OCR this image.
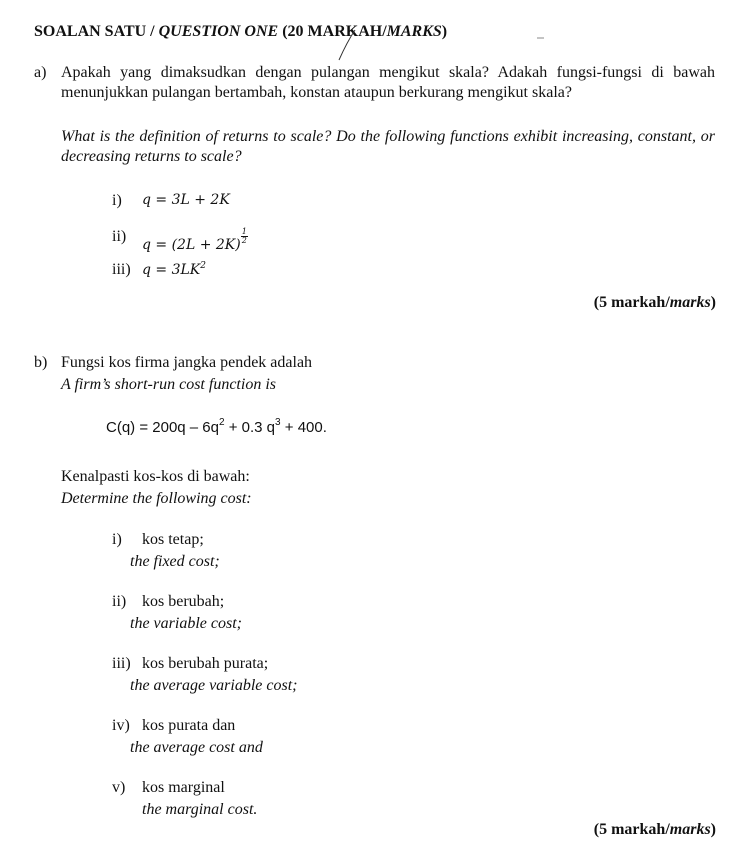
SOALAN SATU / QUESTION ONE (20 MARKAH/MARKS)
a) Apakah yang dimaksudkan dengan pulangan mengikut skala? Adakah fungsi-fungsi di bawah menunjukkan pulangan bertambah, konstan ataupun berkurang mengikut skala?
What is the definition of returns to scale? Do the following functions exhibit increasing, constant, or decreasing returns to scale?
i) q = 3L + 2K
ii) $q = (2L + 2K) \frac{1}{2}$
iii) $q = 3LK^2$
(5 markah/marks)
b) Fungsi kos firma jangka pendek adalah
A firm’s short-run cost function is
$C(q) = 200q - 6q^2 + 0.3$ $q^3 + 400$.
Kenalpasti kos-kos di bawah:
Determine the following cost:
i) kos tetap;
the fixed cost;
ii) kos berubah;
the variable cost;
iii) kos berubah purata;
the average variable cost;
iv) kos purata dan
the average cost and
v) kos marginal
the marginal cost.
(5 markah/marks)
